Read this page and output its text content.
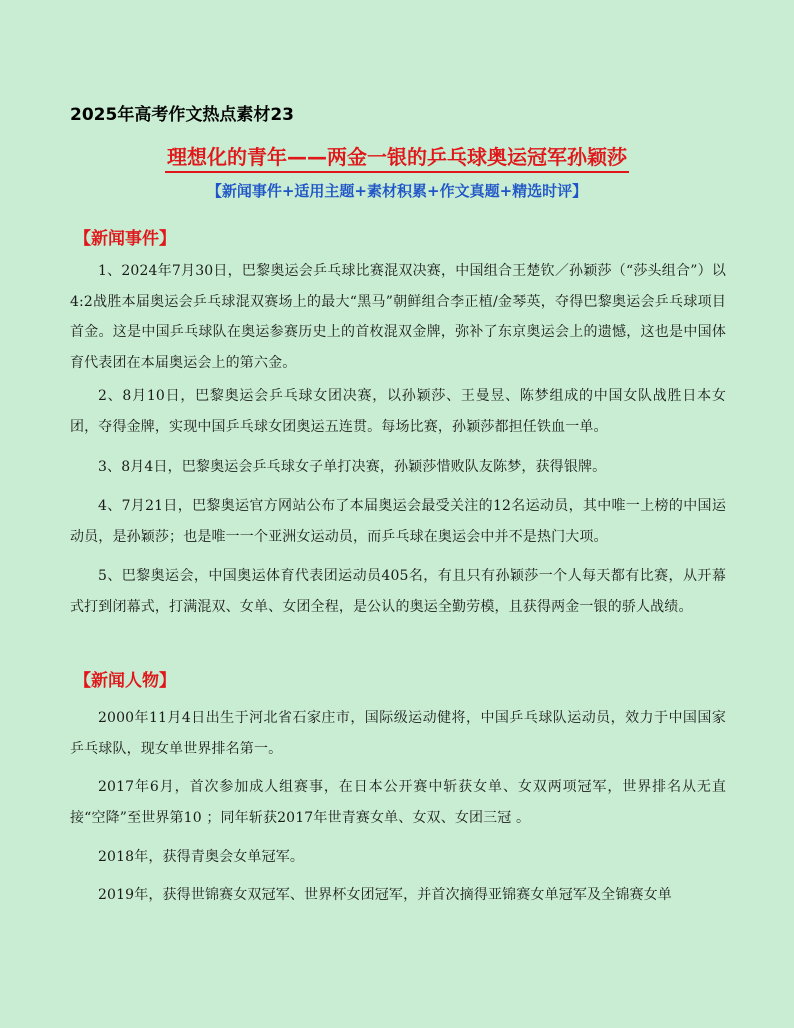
2025年高考作文热点素材23
理想化的青年——两金一银的乒乓球奥运冠军孙颖莎
【新闻事件+适用主题+素材积累+作文真题+精选时评】
【新闻事件】

1、2024年7月30日，巴黎奥运会乒乓球比赛混双决赛，中国组合王楚钦／孙颖莎（“莎头组合”）以4:2战胜本届奥运会乒乓球混双赛场上的最大“黑马”朝鲜组合李正植/金琴英，夺得巴黎奥运会乒乓球项目首金。这是中国乒乓球队在奥运参赛历史上的首枚混双金牌，弥补了东京奥运会上的遗憾，这也是中国体育代表团在本届奥运会上的第六金。

2、8月10日，巴黎奥运会乒乓球女团决赛，以孙颖莎、王曼昱、陈梦组成的中国女队战胜日本女团，夺得金牌，实现中国乒乓球女团奥运五连贯。每场比赛，孙颖莎都担任铁血一单。

3、8月4日，巴黎奥运会乒乓球女子单打决赛，孙颖莎惜败队友陈梦，获得银牌。

4、7月21日，巴黎奥运官方网站公布了本届奥运会最受关注的12名运动员，其中唯一上榜的中国运动员，是孙颖莎；也是唯一一个亚洲女运动员，而乒乓球在奥运会中并不是热门大项。

5、巴黎奥运会，中国奥运体育代表团运动员405名，有且只有孙颖莎一个人每天都有比赛，从开幕式打到闭幕式，打满混双、女单、女团全程，是公认的奥运全勤劳模，且获得两金一银的骄人战绩。

【新闻人物】

2000年11月4日出生于河北省石家庄市，国际级运动健将，中国乒乓球队运动员，效力于中国国家乒乓球队，现女单世界排名第一。

2017年6月，首次参加成人组赛事，在日本公开赛中斩获女单、女双两项冠军，世界排名从无直接“空降”至世界第10 ；同年斩获2017年世青赛女单、女双、女团三冠 。

2018年，获得青奥会女单冠军。

2019年，获得世锦赛女双冠军、世界杯女团冠军，并首次摘得亚锦赛女单冠军及全锦赛女单
